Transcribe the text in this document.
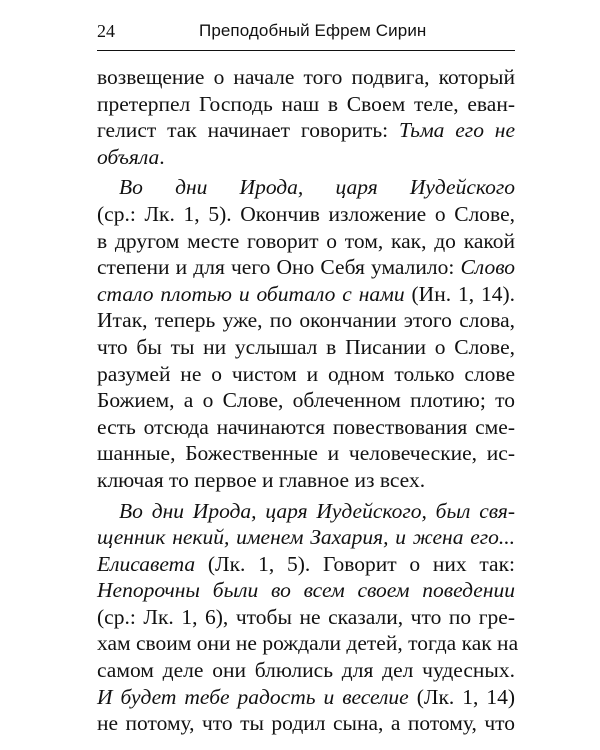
24	Преподобный Ефрем Сирин
возвещение о начале того подвига, который
претерпел Господь наш в Своем теле, еван-
гелист так начинает говорить: Тьма его не
объяла.
Во дни Ирода, царя Иудейского
(ср.: Лк. 1, 5). Окончив изложение о Слове,
в другом месте говорит о том, как, до какой
степени и для чего Оно Себя умалило: Слово
стало плотью и обитало с нами (Ин. 1, 14).
Итак, теперь уже, по окончании этого слова,
что бы ты ни услышал в Писании о Слове,
разумей не о чистом и одном только слове
Божием, а о Слове, облеченном плотию; то
есть отсюда начинаются повествования сме-
шанные, Божественные и человеческие, ис-
ключая то первое и главное из всех.
Во дни Ирода, царя Иудейского, был свя-
щенник некий, именем Захария, и жена его...
Елисавета (Лк. 1, 5). Говорит о них так:
Непорочны были во всем своем поведении
(ср.: Лк. 1, 6), чтобы не сказали, что по гре-
хам своим они не рождали детей, тогда как на
самом деле они блюлись для дел чудесных.
И будет тебе радость и веселие (Лк. 1, 14)
не потому, что ты родил сына, а потому, что
